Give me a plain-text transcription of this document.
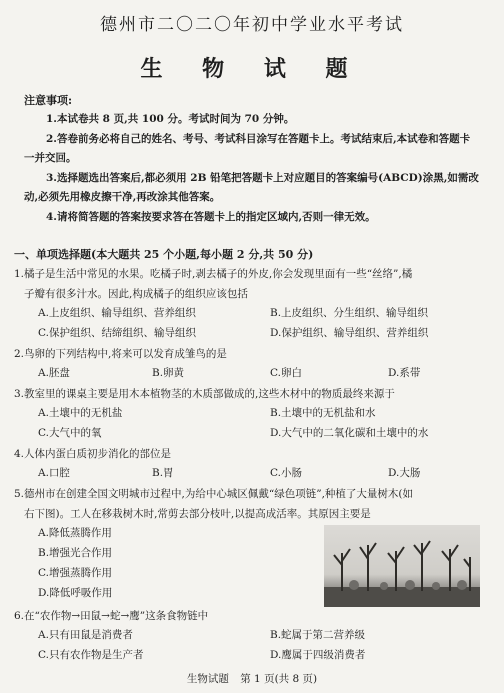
德州市二〇二〇年初中学业水平考试
生 物 试 题
注意事项:
1.本试卷共 8 页,共 100 分。考试时间为 70 分钟。
2.答卷前务必将自己的姓名、考号、考试科目涂写在答题卡上。考试结束后,本试卷和答题卡一并交回。
3.选择题选出答案后,都必须用 2B 铅笔把答题卡上对应题目的答案编号(ABCD)涂黑,如需改动,必须先用橡皮擦干净,再改涂其他答案。
4.请将简答题的答案按要求答在答题卡上的指定区域内,否则一律无效。
一、单项选择题(本大题共 25 个小题,每小题 2 分,共 50 分)
1.橘子是生活中常见的水果。吃橘子时,剥去橘子的外皮,你会发现里面有一些“丝络”,橘
子瓣有很多汁水。因此,构成橘子的组织应该包括
A.上皮组织、输导组织、营养组织	B.上皮组织、分生组织、输导组织
C.保护组织、结缔组织、输导组织	D.保护组织、输导组织、营养组织
2.鸟卵的下列结构中,将来可以发育成雏鸟的是
A.胚盘	B.卵黄	C.卵白	D.系带
3.教室里的课桌主要是用木本植物茎的木质部做成的,这些木材中的物质最终来源于
A.土壤中的无机盐	B.土壤中的无机盐和水
C.大气中的氧	D.大气中的二氧化碳和土壤中的水
4.人体内蛋白质初步消化的部位是
A.口腔	B.胃	C.小肠	D.大肠
5.德州市在创建全国文明城市过程中,为给中心城区佩戴“绿色项链”,种植了大量树木(如
右下图)。工人在移栽树木时,常剪去部分枝叶,以提高成活率。其原因主要是
A.降低蒸腾作用
B.增强光合作用
C.增强蒸腾作用
D.降低呼吸作用
6.在“农作物→田鼠→蛇→鹰”这条食物链中
A.只有田鼠是消费者	B.蛇属于第二营养级
C.只有农作物是生产者	D.鹰属于四级消费者
生物试题 第 1 页(共 8 页)
